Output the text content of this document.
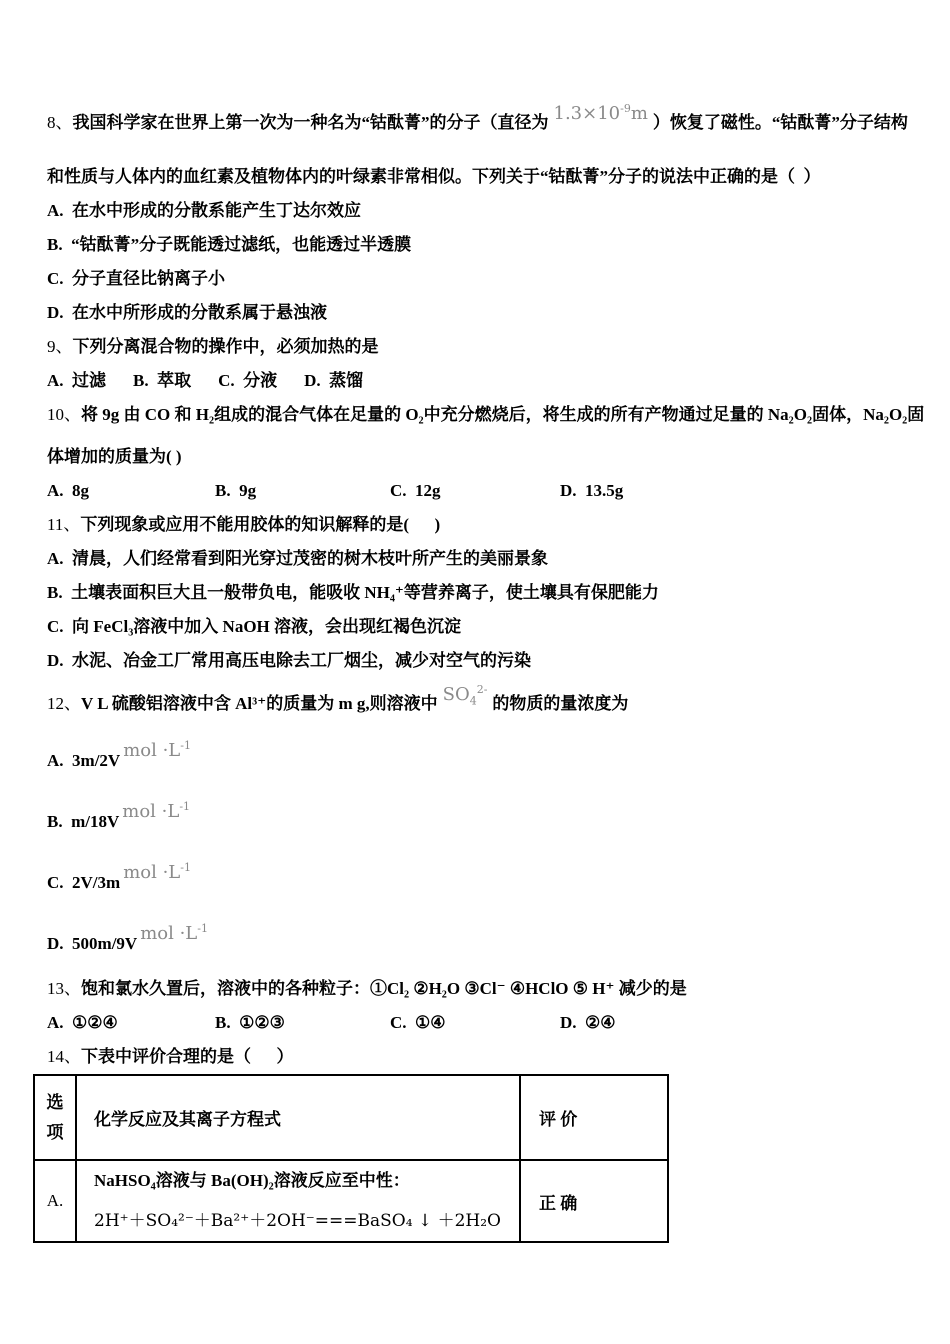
8、我国科学家在世界上第一次为一种名为“钴酞菁”的分子（直径为 $1.3\times 10^{-9}m$ ）恢复了磁性。“钴酞菁”分子结构

和性质与人体内的血红素及植物体内的叶绿素非常相似。下列关于“钴酞菁”分子的说法中正确的是（  ）

A.  在水中形成的分散系能产生丁达尔效应

B.  “钴酞菁”分子既能透过滤纸，也能透过半透膜

C.  分子直径比钠离子小

D.  在水中所形成的分散系属于悬浊液

9、下列分离混合物的操作中，必须加热的是

A.  过滤 B.  萃取 C.  分液 D.  蒸馏

10、将 9g 由 CO 和 H₂组成的混合气体在足量的 O₂中充分燃烧后，将生成的所有产物通过足量的 Na₂O₂固体，Na₂O₂固

体增加的质量为( )

A.  8g	B.  9g	C.  12g	D.  13.5g

11、下列现象或应用不能用胶体的知识解释的是(      )

A.  清晨，人们经常看到阳光穿过茂密的树木枝叶所产生的美丽景象

B.  土壤表面积巨大且一般带负电，能吸收 NH₄⁺等营养离子，使土壤具有保肥能力

C.  向 FeCl₃溶液中加入 NaOH 溶液，会出现红褐色沉淀

D.  水泥、冶金工厂常用高压电除去工厂烟尘，减少对空气的污染

12、V L 硫酸铝溶液中含 Al³⁺的质量为 m g,则溶液中 $SO_4^{2-}$的物质的量浓度为

A.  3m/2V mol $\cdot L^{-1}$

B.  m/18V mol $\cdot L^{-1}$

C.  2V/3m mol $\cdot L^{-1}$

D.  500m/9V mol $\cdot L^{-1}$

13、饱和氯水久置后，溶液中的各种粒子：①Cl₂ ②H₂O ③Cl⁻ ④HClO ⑤ H⁺ 减少的是

A.  ①②④	B.  ①②③	C.  ①④	D.  ②④

14、下表中评价合理的是（      ）

选项	化学反应及其离子方程式	评 价
A.	NaHSO₄溶液与 Ba(OH)₂溶液反应至中性：

2H⁺＋SO₄²⁻＋Ba²⁺＋2OH⁻===BaSO₄ ↓ ＋2H₂O	正 确
